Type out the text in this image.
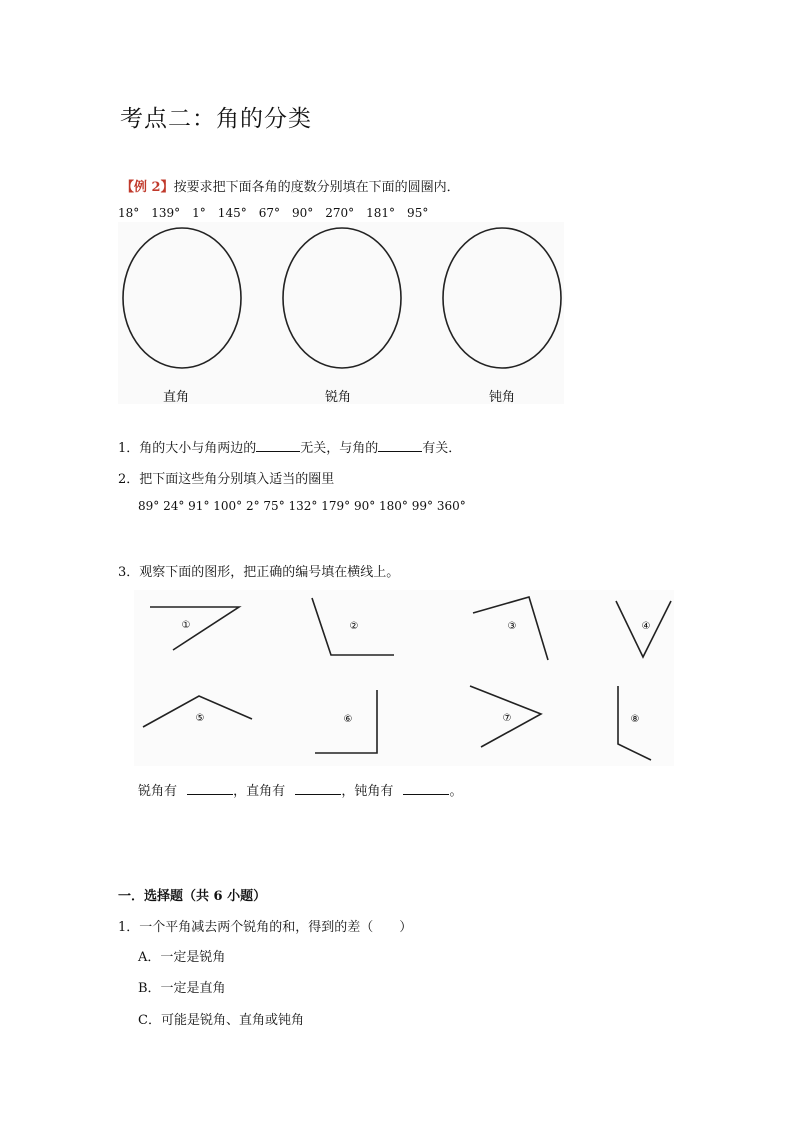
考点二：角的分类
【例 2】按要求把下面各角的度数分别填在下面的圆圈内．
18°　139°　1°　145°　67°　90°　270°　181°　95°
直角	锐角	钝角
1．角的大小与角两边的	无关，与角的	有关．
2．把下面这些角分别填入适当的圈里
89° 24° 91° 100° 2° 75° 132° 179° 90° 180° 99° 360°
3．观察下面的图形，把正确的编号填在横线上。
①	②	③	④
⑤	⑥	⑦	⑧
锐角有	，直角有	，钝角有	。
一．选择题（共 6 小题）
1．一个平角减去两个锐角的和，得到的差（　　）
A．一定是锐角
B．一定是直角
C．可能是锐角、直角或钝角
